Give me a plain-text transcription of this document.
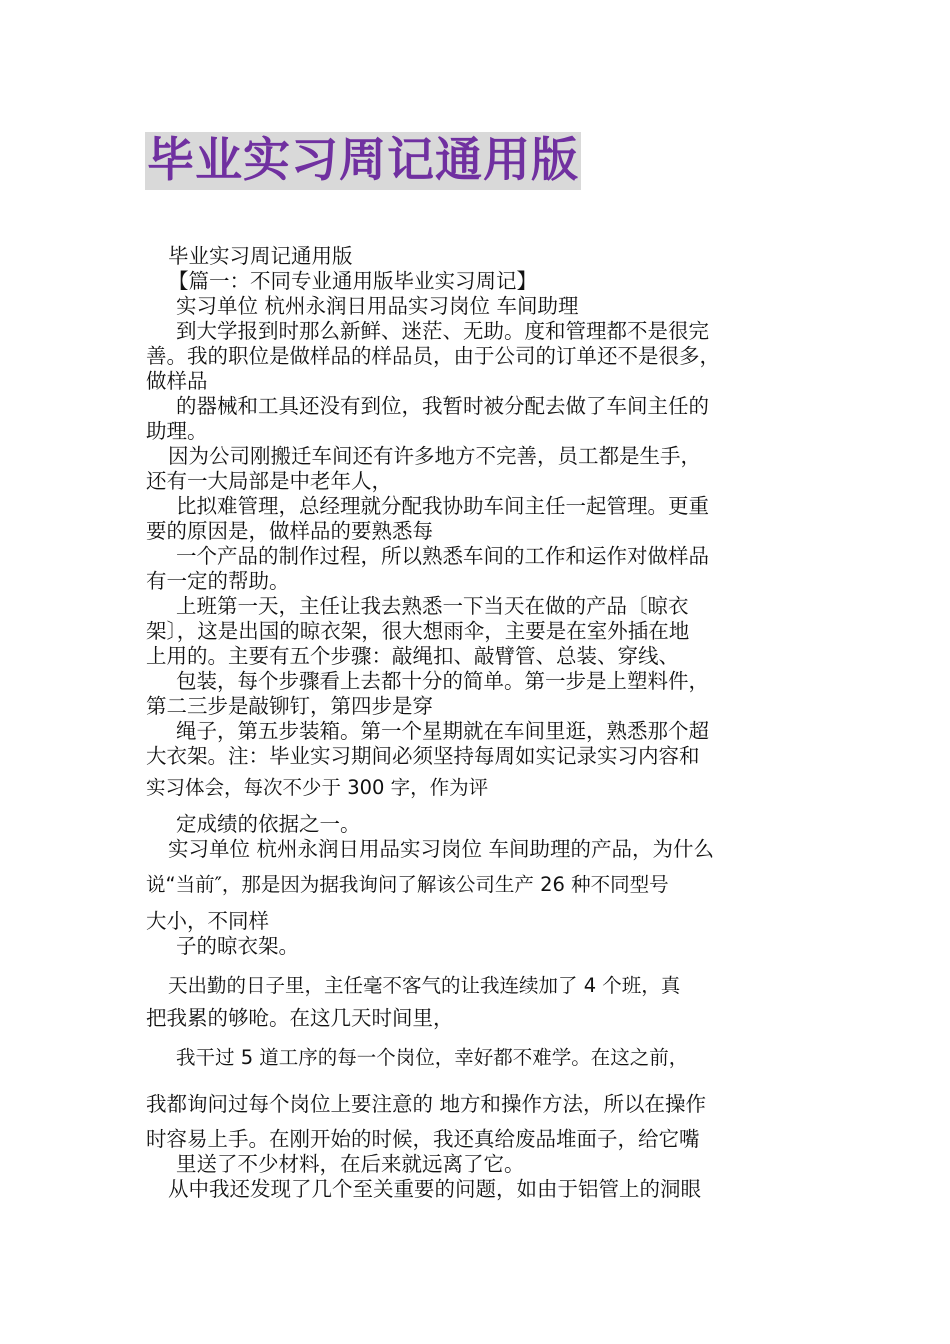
毕业实习周记通用版
毕业实习周记通用版
【篇一：不同专业通用版毕业实习周记】
实习单位 杭州永润日用品实习岗位 车间助理
到大学报到时那么新鲜、迷茫、无助。度和管理都不是很完
善。我的职位是做样品的样品员，由于公司的订单还不是很多，
做样品
的器械和工具还没有到位，我暂时被分配去做了车间主任的
助理。
因为公司刚搬迁车间还有许多地方不完善，员工都是生手，
还有一大局部是中老年人，
比拟难管理，总经理就分配我协助车间主任一起管理。更重
要的原因是，做样品的要熟悉每
一个产品的制作过程，所以熟悉车间的工作和运作对做样品
有一定的帮助。
上班第一天，主任让我去熟悉一下当天在做的产品〔晾衣
架〕，这是出国的晾衣架，很大想雨伞，主要是在室外插在地
上用的。主要有五个步骤：敲绳扣、敲臂管、总装、穿线、
包装，每个步骤看上去都十分的简单。第一步是上塑料件，
第二三步是敲铆钉，第四步是穿
绳子，第五步装箱。第一个星期就在车间里逛，熟悉那个超
大衣架。注：毕业实习期间必须坚持每周如实记录实习内容和
实习体会，每次不少于 300 字，作为评
定成绩的依据之一。
实习单位 杭州永润日用品实习岗位 车间助理的产品，为什么
说“当前″，那是因为据我询问了解该公司生产 26 种不同型号
大小，不同样
子的晾衣架。
天出勤的日子里，主任毫不客气的让我连续加了 4 个班，真
把我累的够呛。在这几天时间里，
我干过 5 道工序的每一个岗位，幸好都不难学。在这之前，
我都询问过每个岗位上要注意的 地方和操作方法，所以在操作
时容易上手。在刚开始的时候，我还真给废品堆面子，给它嘴
里送了不少材料，在后来就远离了它。
从中我还发现了几个至关重要的问题，如由于铝管上的洞眼
